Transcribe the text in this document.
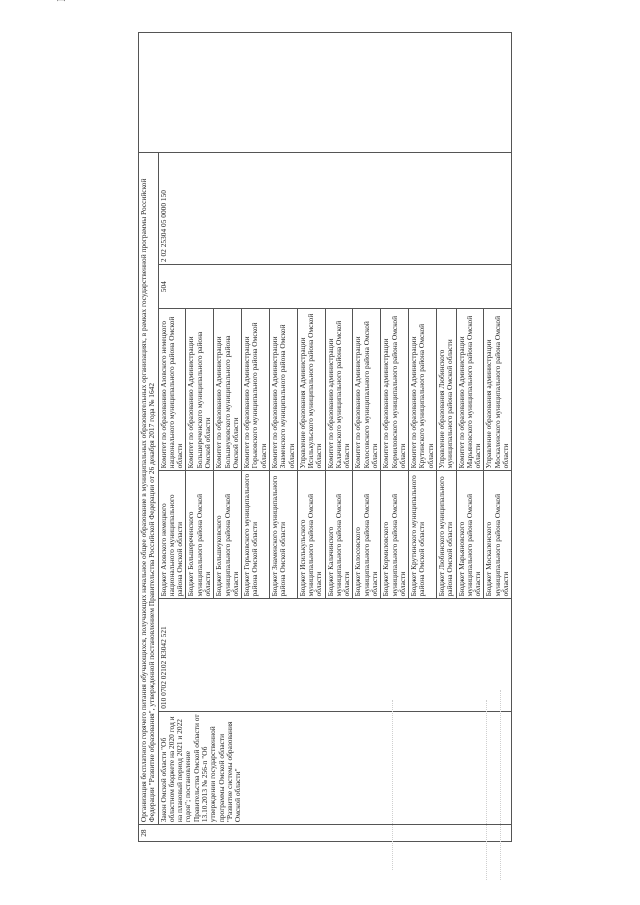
28	Организация бесплатного горячего питания обучающихся, получающих начальное общее образование в муниципальных образовательных организациях, в рамках государственной программы Российской Федерации "Развитие образования", утвержденной постановлением Правительства Российской Федерации от 26 декабря 2017 года № 1642						
	Закон Омской области "Об областном бюджете на 2020 год и на плановый период 2021 и 2022 годов"; постановление Правительства Омской области от 13.10.2013 № 256-п "Об утверждении государственной программы Омской области "Развитие системы образования Омской области"	010 0702 02102 R3042 521	Бюджет Азовского немецкого национального муниципального района Омской области	Комитет по образованию Азовского немецкого национального муниципального района Омской области	504	2 02 25304 05 0000 150	
			Бюджет Большереченского муниципального района Омской области	Комитет по образованию Администрации Большереченского муниципального района Омской области			
			Бюджет Большеуковского муниципального района Омской области	Комитет по образованию Администрации Большеуковского муниципального района Омской области			
			Бюджет Горьковского муниципального района Омской области	Комитет по образованию Администрации Горьковского муниципального района Омской области			
			Бюджет Знаменского муниципального района Омской области	Комитет по образованию Администрации Знаменского муниципального района Омской области			
			Бюджет Исилькульского муниципального района Омской области	Управление образования Администрации Исилькульского муниципального района Омской области			
			Бюджет Калачинского муниципального района Омской области	Комитет по образованию администрации Калачинского муниципального района Омской области			
			Бюджет Колосовского муниципального района Омской области	Комитет по образованию Администрации Колосовского муниципального района Омской области			
			Бюджет Кормиловского муниципального района Омской области	Комитет по образованию администрации Кормиловского муниципального района Омской области			
			Бюджет Крутинского муниципального района Омской области	Комитет по образованию Администрации Крутинского муниципального района Омской области			
			Бюджет Любинского муниципального района Омской области	Управление образования Любинского муниципального района Омской области			
			Бюджет Марьяновского муниципального района Омской области	Комитет по образованию Администрации Марьяновского муниципального района Омской области			
			Бюджет Москаленского муниципального района Омской области	Управление образования администрации Москаленского муниципального района Омской области			
